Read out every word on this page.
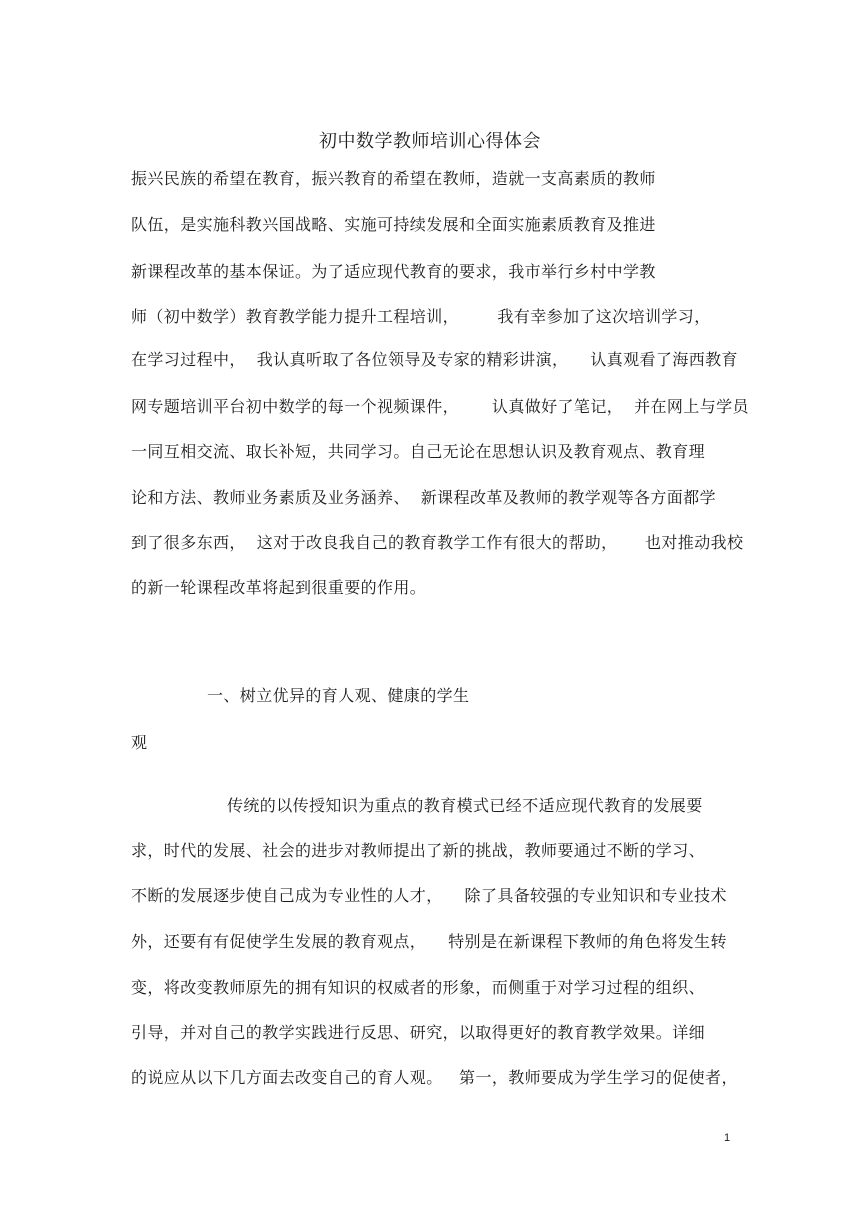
初中数学教师培训心得体会
振兴民族的希望在教育，振兴教育的希望在教师，造就一支高素质的教师
队伍，是实施科教兴国战略、实施可持续发展和全面实施素质教育及推进
新课程改革的基本保证。为了适应现代教育的要求，我市举行乡村中学教
师（初中数学）教育教学能力提升工程培训，       我有幸参加了这次培训学习，
在学习过程中，  我认真听取了各位领导及专家的精彩讲演，    认真观看了海西教育
网专题培训平台初中数学的每一个视频课件，      认真做好了笔记，  并在网上与学员
一同互相交流、取长补短，共同学习。自己无论在思想认识及教育观点、教育理
论和方法、教师业务素质及业务涵养、  新课程改革及教师的教学观等各方面都学
到了很多东西，  这对于改良我自己的教育教学工作有很大的帮助，     也对推动我校
的新一轮课程改革将起到很重要的作用。
一、树立优异的育人观、健康的学生
观
传统的以传授知识为重点的教育模式已经不适应现代教育的发展要
求，时代的发展、社会的进步对教师提出了新的挑战，教师要通过不断的学习、
不断的发展逐步使自己成为专业性的人才，    除了具备较强的专业知识和专业技术
外，还要有有促使学生发展的教育观点，    特别是在新课程下教师的角色将发生转
变，将改变教师原先的拥有知识的权威者的形象，而侧重于对学习过程的组织、
引导，并对自己的教学实践进行反思、研究，以取得更好的教育教学效果。详细
的说应从以下几方面去改变自己的育人观。   第一，教师要成为学生学习的促使者，
1
